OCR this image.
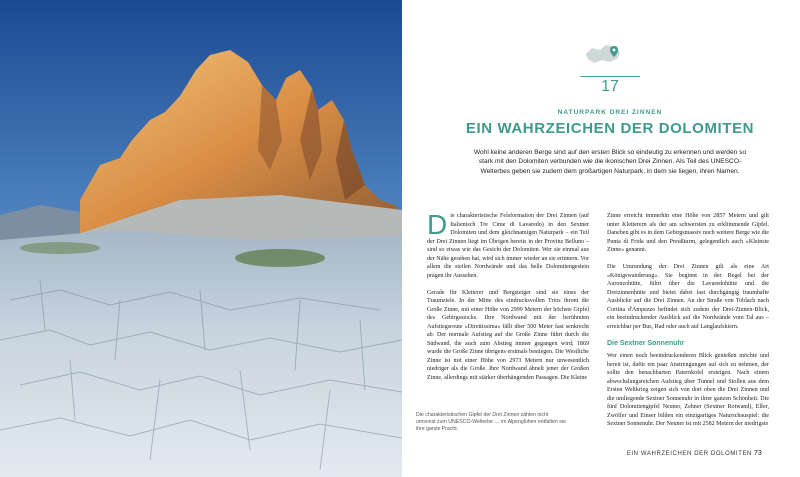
Die charakteristischen Gipfel der Drei Zinnen zählen nicht umsonst zum UNESCO-Welterbe … im Alpenglühen entfalten sie ihre ganze Pracht.
17
NATURPARK DREI ZINNEN
EIN WAHRZEICHEN DER DOLOMITEN
Wohl keine anderen Berge sind auf den ersten Blick so eindeutig zu erkennen und werden so stark mit den Dolomiten verbunden wie die ikonischen Drei Zinnen. Als Teil des UNESCO-Welterbes geben sie zudem dem großartigen Naturpark, in dem sie liegen, ihren Namen.

Die charakteristische Felsformation der Drei Zinnen (auf Italienisch Tre Cime di Lavaredo) in den Sextner Dolomiten und dem gleichnamigen Naturpark – ein Teil der Drei Zinnen liegt im Übrigen bereits in der Provinz Belluno – sind so etwas wie das Gesicht der Dolomiten. Wer sie einmal aus der Nähe gesehen hat, wird sich immer wieder an sie erinnern. Vor allem die steilen Nordwände und das helle Dolomitengestein prägen ihr Aussehen.

Gerade für Kletterer und Bergsteiger sind sie eines der Traumziele. In der Mitte des eindrucksvollen Trios thront die Große Zinne, mit einer Höhe von 2999 Metern der höchste Gipfel des Gebirgsstocks. Ihre Nordwand mit der berühmten Aufstiegsroute »Direttissima« fällt über 500 Meter fast senkrecht ab. Der normale Aufstieg auf die Große Zinne führt durch die Südwand, die auch zum Abstieg immer gegangen wird; 1869 wurde die Große Zinne übrigens erstmals bestiegen. Die Westliche Zinne ist mit einer Höhe von 2973 Metern nur unwesentlich niedriger als die Große. Ihre Nordwand ähnelt jener der Großen Zinne, allerdings mit stärker überhängenden Passagen. Die Kleine

Zinne erreicht immerhin eine Höhe von 2857 Metern und gilt unter Kletterern als der am schwersten zu erklimmende Gipfel. Daneben gibt es in dem Gebirgsmassiv noch weitere Berge wie die Punta di Frida und den Preußturm, gelegentlich auch »Kleinste Zinne« genannt.

Die Umrundung der Drei Zinnen gilt als eine Art »Königswanderung«. Sie beginnt in der Regel bei der Auronzohütte, führt über die Lavaredohütte und die Dreizinnenhütte und bietet dabei fast durchgängig traumhafte Ausblicke auf die Drei Zinnen. An der Straße von Toblach nach Cortina d'Ampezzo befindet sich zudem der Drei-Zinnen-Blick, ein beeindruckender Ausblick auf die Nordwände vom Tal aus – erreichbar per Bus, Rad oder auch auf Langlaufskiern.

Die Sextner Sonnenuhr

Wer einen noch beeindruckenderen Blick genießen möchte und bereit ist, dafür ein paar Anstrengungen auf sich zu nehmen, der sollte den benachbarten Paternkofel ersteigen. Nach einem abwechslungsreichen Aufstieg über Tunnel und Stollen aus dem Ersten Weltkrieg zeigen sich von dort oben die Drei Zinnen und die umliegende Sextner Sonnenuhr in ihrer ganzen Schönheit. Die fünf Dolomitengipfel Neuner, Zehner (Sextner Rotwand), Elfer, Zwölfer und Einser bilden ein einzigartiges Naturschauspiel: die Sextner Sonnenuhr. Der Neuner ist mit 2582 Metern der niedrigste

EIN WAHRZEICHEN DER DOLOMITEN 73
